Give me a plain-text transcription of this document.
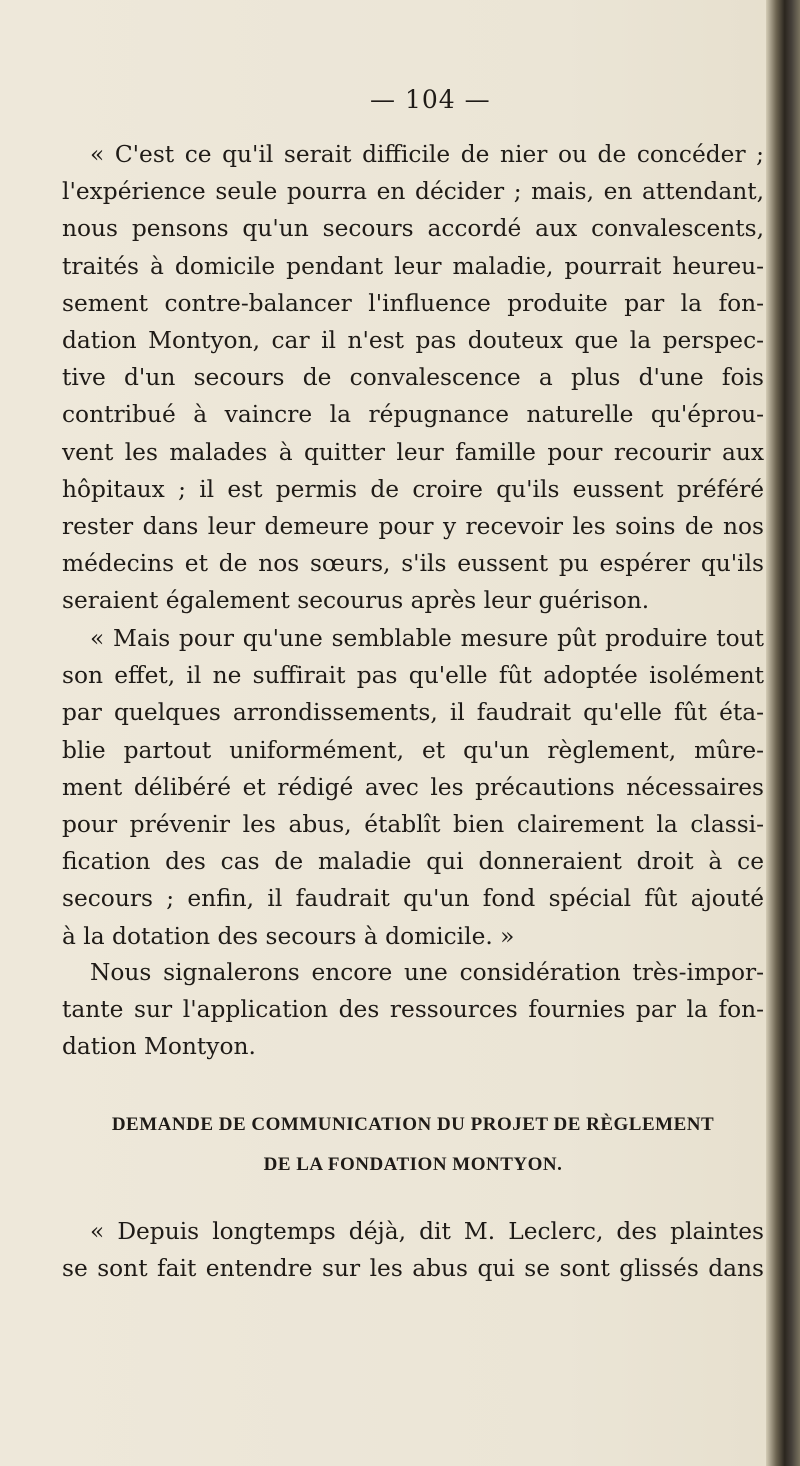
— 104 —
« C'est ce qu'il serait difficile de nier ou de concéder ;
l'expérience seule pourra en décider ; mais, en attendant,
nous pensons qu'un secours accordé aux convalescents,
traités à domicile pendant leur maladie, pourrait heureu-
sement contre-balancer l'influence produite par la fon-
dation Montyon, car il n'est pas douteux que la perspec-
tive d'un secours de convalescence a plus d'une fois
contribué à vaincre la répugnance naturelle qu'éprou-
vent les malades à quitter leur famille pour recourir aux
hôpitaux ; il est permis de croire qu'ils eussent préféré
rester dans leur demeure pour y recevoir les soins de nos
médecins et de nos sœurs, s'ils eussent pu espérer qu'ils
seraient également secourus après leur guérison.
« Mais pour qu'une semblable mesure pût produire tout
son effet, il ne suffirait pas qu'elle fût adoptée isolément
par quelques arrondissements, il faudrait qu'elle fût éta-
blie partout uniformément, et qu'un règlement, mûre-
ment délibéré et rédigé avec les précautions nécessaires
pour prévenir les abus, établît bien clairement la classi-
fication des cas de maladie qui donneraient droit à ce
secours ; enfin, il faudrait qu'un fond spécial fût ajouté
à la dotation des secours à domicile. »
Nous signalerons encore une considération très-impor-
tante sur l'application des ressources fournies par la fon-
dation Montyon.
DEMANDE DE COMMUNICATION DU PROJET DE RÈGLEMENT
DE LA FONDATION MONTYON.
« Depuis longtemps déjà, dit M. Leclerc, des plaintes
se sont fait entendre sur les abus qui se sont glissés dans
